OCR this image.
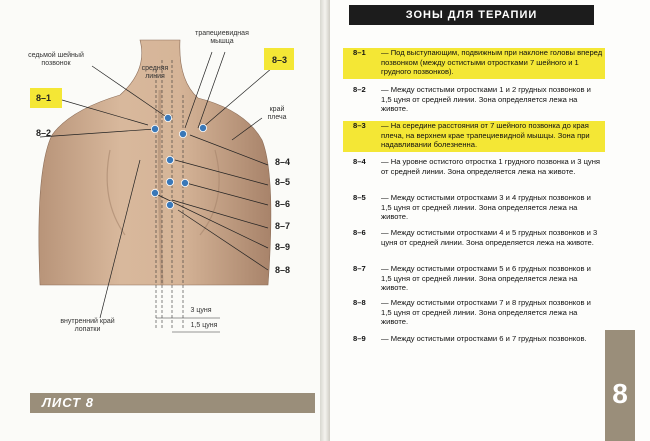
седьмой шейный позвонок
средняя линия
трапециевидная мышца
край плеча
внутренний край лопатки
3 цуня
1,5 цуня
8–1
8–2
8–3
8–4
8–5
8–6
8–7
8–9
8–8
ЛИСТ 8
ЗОНЫ ДЛЯ ТЕРАПИИ
8–1 — Под выступающим, подвижным при наклоне головы вперед позвонком (между остистыми отростками 7 шейного и 1 грудного позвонков).
8–2 — Между остистыми отростками 1 и 2 грудных позвонков и 1,5 цуня от средней линии. Зона определяется лежа на животе.
8–3 — На середине расстояния от 7 шейного позвонка до края плеча, на верхнем крае трапециевидной мышцы. Зона при надавливании болезненна.
8–4 — На уровне остистого отростка 1 грудного позвонка и 3 цуня от средней линии. Зона определяется лежа на животе.
8–5 — Между остистыми отростками 3 и 4 грудных позвонков и 1,5 цуня от средней линии. Зона определяется лежа на животе.
8–6 — Между остистыми отростками 4 и 5 грудных позвонков и 3 цуня от средней линии. Зона определяется лежа на животе.
8–7 — Между остистыми отростками 5 и 6 грудных позвонков и 1,5 цуня от средней линии. Зона определяется лежа на животе.
8–8 — Между остистыми отростками 7 и 8 грудных позвонков и 1,5 цуня от средней линии. Зона определяется лежа на животе.
8–9 — Между остистыми отростками 6 и 7 грудных позвонков.
8
